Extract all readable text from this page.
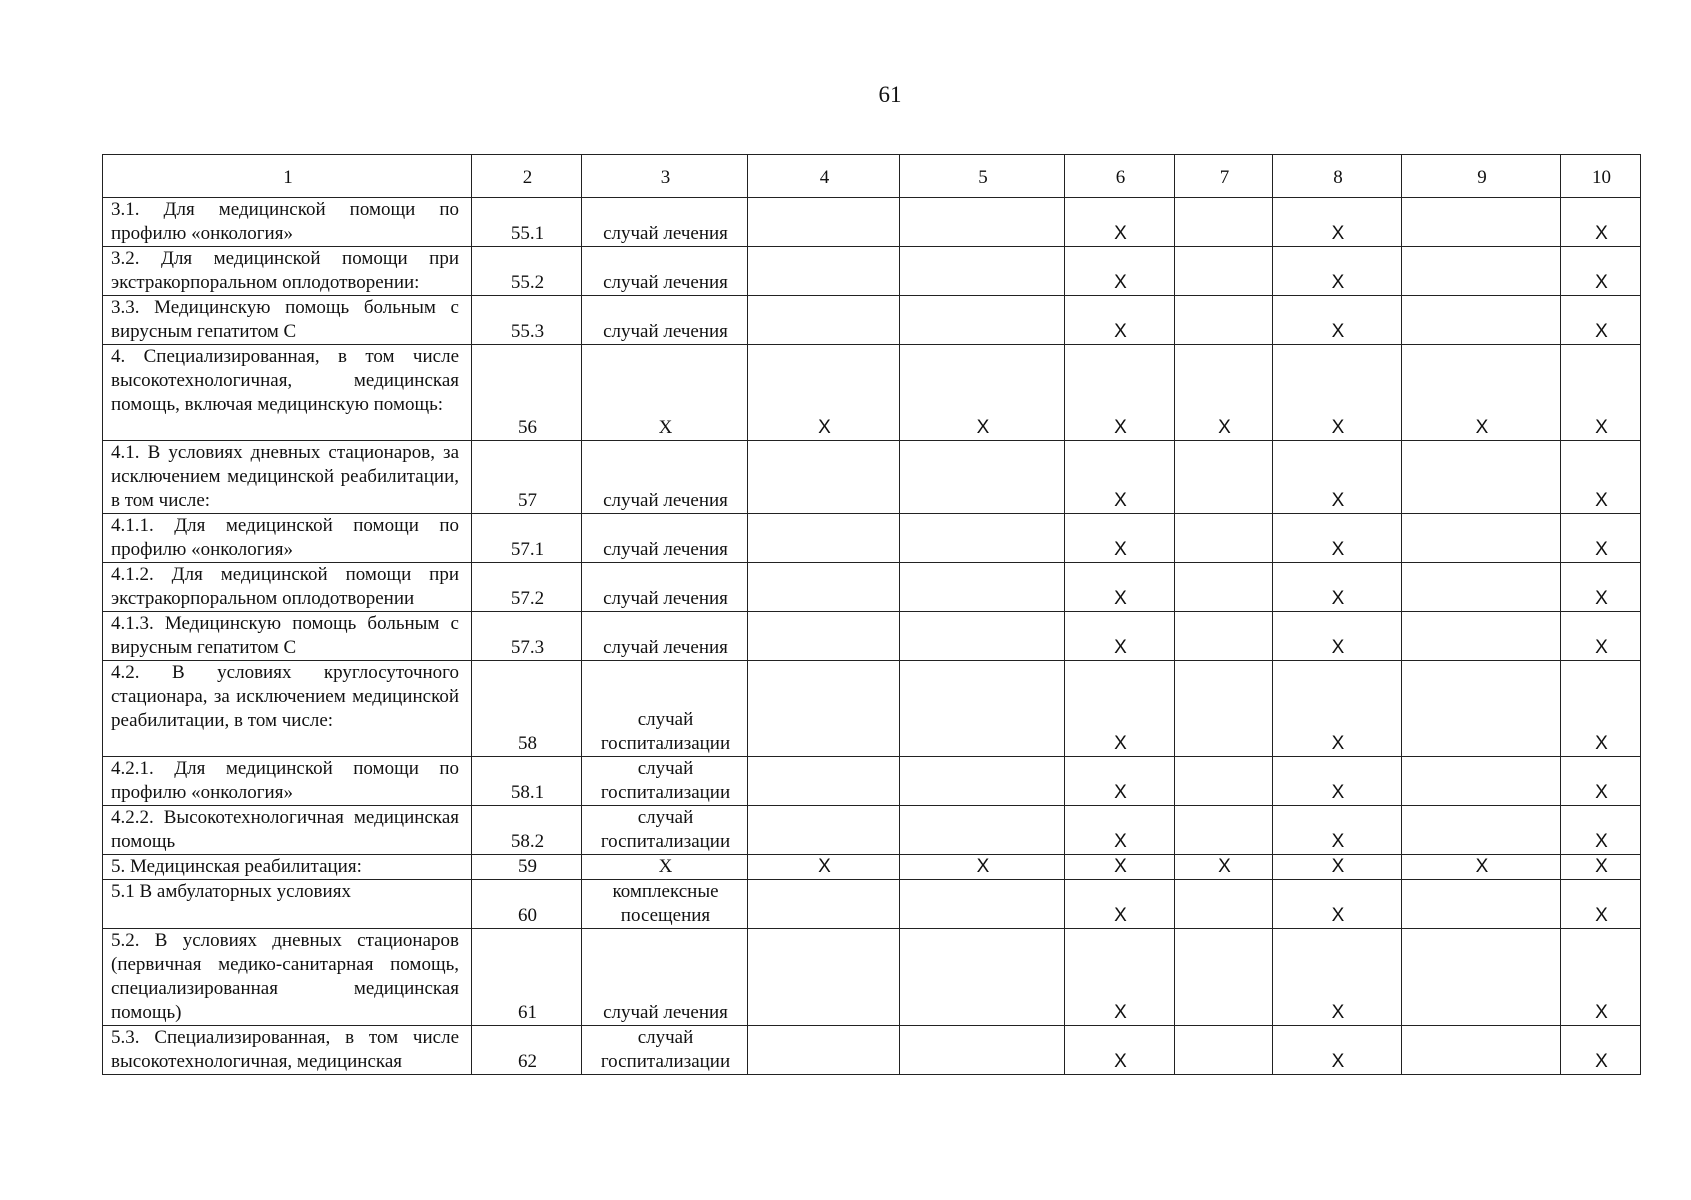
61
1	2	3	4	5	6	7	8	9	10
3.1. Для медицинской помощи по профилю «онкология»	55.1	случай лечения			X		X		X
3.2. Для медицинской помощи при экстракорпоральном оплодотворении:	55.2	случай лечения			X		X		X
3.3. Медицинскую помощь больным с вирусным гепатитом С	55.3	случай лечения			X		X		X
4. Специализированная, в том числе высокотехнологичная, медицинская помощь, включая медицинскую помощь:	56	X	X	X	X	X	X	X	X
4.1. В условиях дневных стационаров, за исключением медицинской реабилитации, в том числе:	57	случай лечения			X		X		X
4.1.1. Для медицинской помощи по профилю «онкология»	57.1	случай лечения			X		X		X
4.1.2. Для медицинской помощи при экстракорпоральном оплодотворении	57.2	случай лечения			X		X		X
4.1.3. Медицинскую помощь больным с вирусным гепатитом С	57.3	случай лечения			X		X		X
4.2. В условиях круглосуточного стационара, за исключением медицинской реабилитации, в том числе:	58	случай госпитализации			X		X		X
4.2.1. Для медицинской помощи по профилю «онкология»	58.1	случай госпитализации			X		X		X
4.2.2. Высокотехнологичная медицинская помощь	58.2	случай госпитализации			X		X		X
5. Медицинская реабилитация:	59	X	X	X	X	X	X	X	X
5.1 В амбулаторных условиях	60	комплексные посещения			X		X		X
5.2. В условиях дневных стационаров (первичная медико-санитарная помощь, специализированная медицинская помощь)	61	случай лечения			X		X		X
5.3. Специализированная, в том числе высокотехнологичная, медицинская	62	случай госпитализации			X		X		X
